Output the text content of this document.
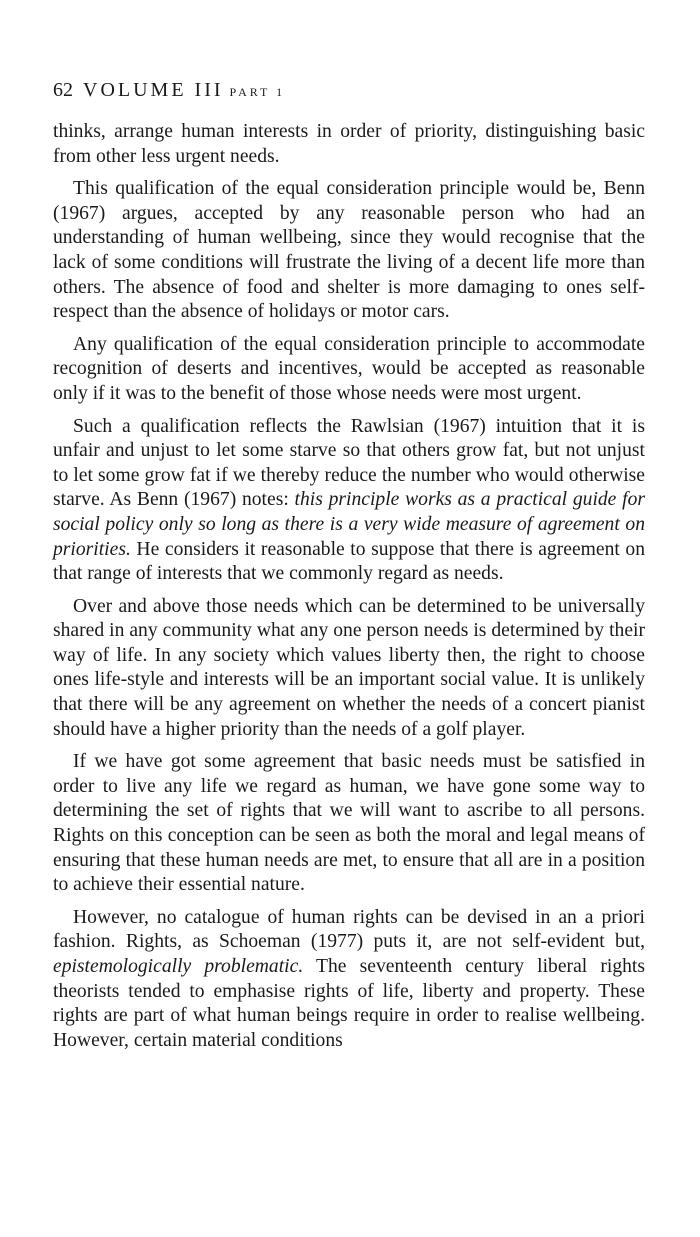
62 VOLUME III PART 1

thinks, arrange human interests in order of priority, distinguishing basic from other less urgent needs.

This qualification of the equal consideration principle would be, Benn (1967) argues, accepted by any reasonable person who had an understanding of human wellbeing, since they would recognise that the lack of some conditions will frustrate the living of a decent life more than others. The absence of food and shelter is more damaging to ones self-respect than the absence of holidays or motor cars.

Any qualification of the equal consideration principle to accommodate recognition of deserts and incentives, would be accepted as reasonable only if it was to the benefit of those whose needs were most urgent.

Such a qualification reflects the Rawlsian (1967) intuition that it is unfair and unjust to let some starve so that others grow fat, but not unjust to let some grow fat if we thereby reduce the number who would otherwise starve. As Benn (1967) notes: this principle works as a practical guide for social policy only so long as there is a very wide measure of agreement on priorities. He considers it reasonable to suppose that there is agreement on that range of interests that we commonly regard as needs.

Over and above those needs which can be determined to be universally shared in any community what any one person needs is determined by their way of life. In any society which values liberty then, the right to choose ones life-style and interests will be an important social value. It is unlikely that there will be any agreement on whether the needs of a concert pianist should have a higher priority than the needs of a golf player.

If we have got some agreement that basic needs must be satisfied in order to live any life we regard as human, we have gone some way to determining the set of rights that we will want to ascribe to all persons. Rights on this conception can be seen as both the moral and legal means of ensuring that these human needs are met, to ensure that all are in a position to achieve their essential nature.

However, no catalogue of human rights can be devised in an a priori fashion. Rights, as Schoeman (1977) puts it, are not self-evident but, epistemologically problematic. The seventeenth century liberal rights theorists tended to emphasise rights of life, liberty and property. These rights are part of what human beings require in order to realise wellbeing. However, certain material conditions
